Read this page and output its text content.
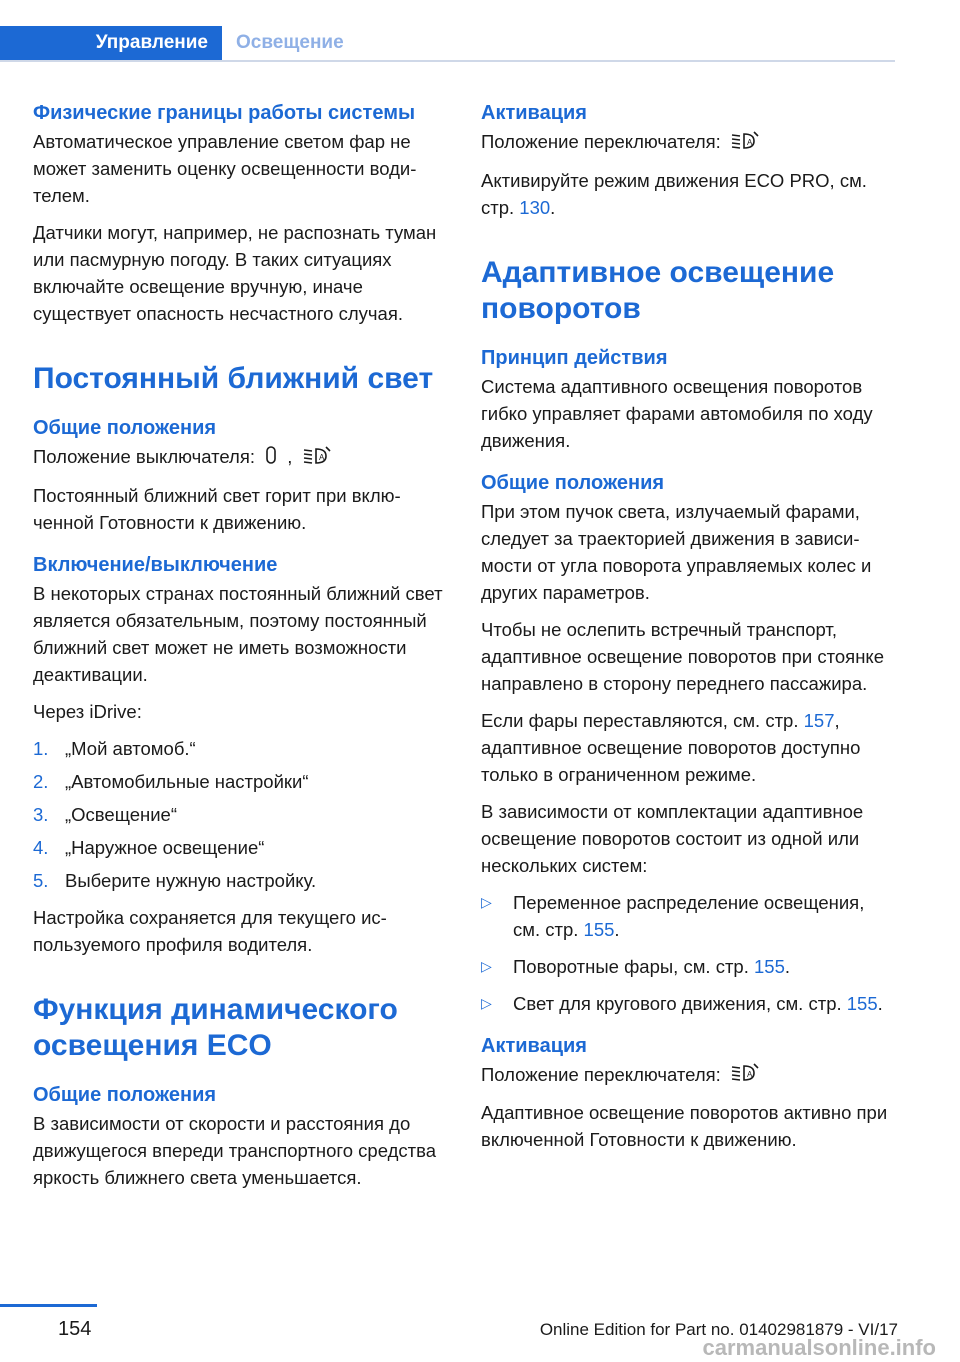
Управление	Освещение
Физические границы работы системы

Автоматическое управление светом фар не может заменить оценку освещенности водителем.

Датчики могут, например, не распознать туман или пасмурную погоду. В таких ситуациях включайте освещение вручную, иначе существует опасность несчастного случая.

Постоянный ближний свет
Общие положения

Положение выключателя: ,	A

Постоянный ближний свет горит при включенной Готовности к движению.

Включение/выключение

В некоторых странах постоянный ближний свет является обязательным, поэтому постоянный ближний свет может не иметь возможности деактивации.

Через iDrive:

1. „Мой автомоб.“
2. „Автомобильные настройки“
3. „Освещение“
4. „Наружное освещение“
5. Выберите нужную настройку.

Настройка сохраняется для текущего используемого профиля водителя.

Функция динамического освещения ECO
Общие положения

В зависимости от скорости и расстояния до движущегося впереди транспортного средства яркость ближнего света уменьшается.

Активация

Положение переключателя:	A

Активируйте режим движения ECO PRO, см. стр. 130.

Адаптивное освещение поворотов
Принцип действия

Система адаптивного освещения поворотов гибко управляет фарами автомобиля по ходу движения.

Общие положения

При этом пучок света, излучаемый фарами, следует за траекторией движения в зависимости от угла поворота управляемых колес и других параметров.

Чтобы не ослепить встречный транспорт, адаптивное освещение поворотов при стоянке направлено в сторону переднего пассажира.

Если фары переставляются, см. стр. 157, адаптивное освещение поворотов доступно только в ограниченном режиме.

В зависимости от комплектации адаптивное освещение поворотов состоит из одной или нескольких систем:

▷	Переменное распределение освещения, см. стр. 155.
▷	Поворотные фары, см. стр. 155.
▷	Свет для кругового движения, см. стр. 155.
Активация

Положение переключателя:	A

Адаптивное освещение поворотов активно при включенной Готовности к движению.

154	Online Edition for Part no. 01402981879 - VI/17
carmanualsonline.info
